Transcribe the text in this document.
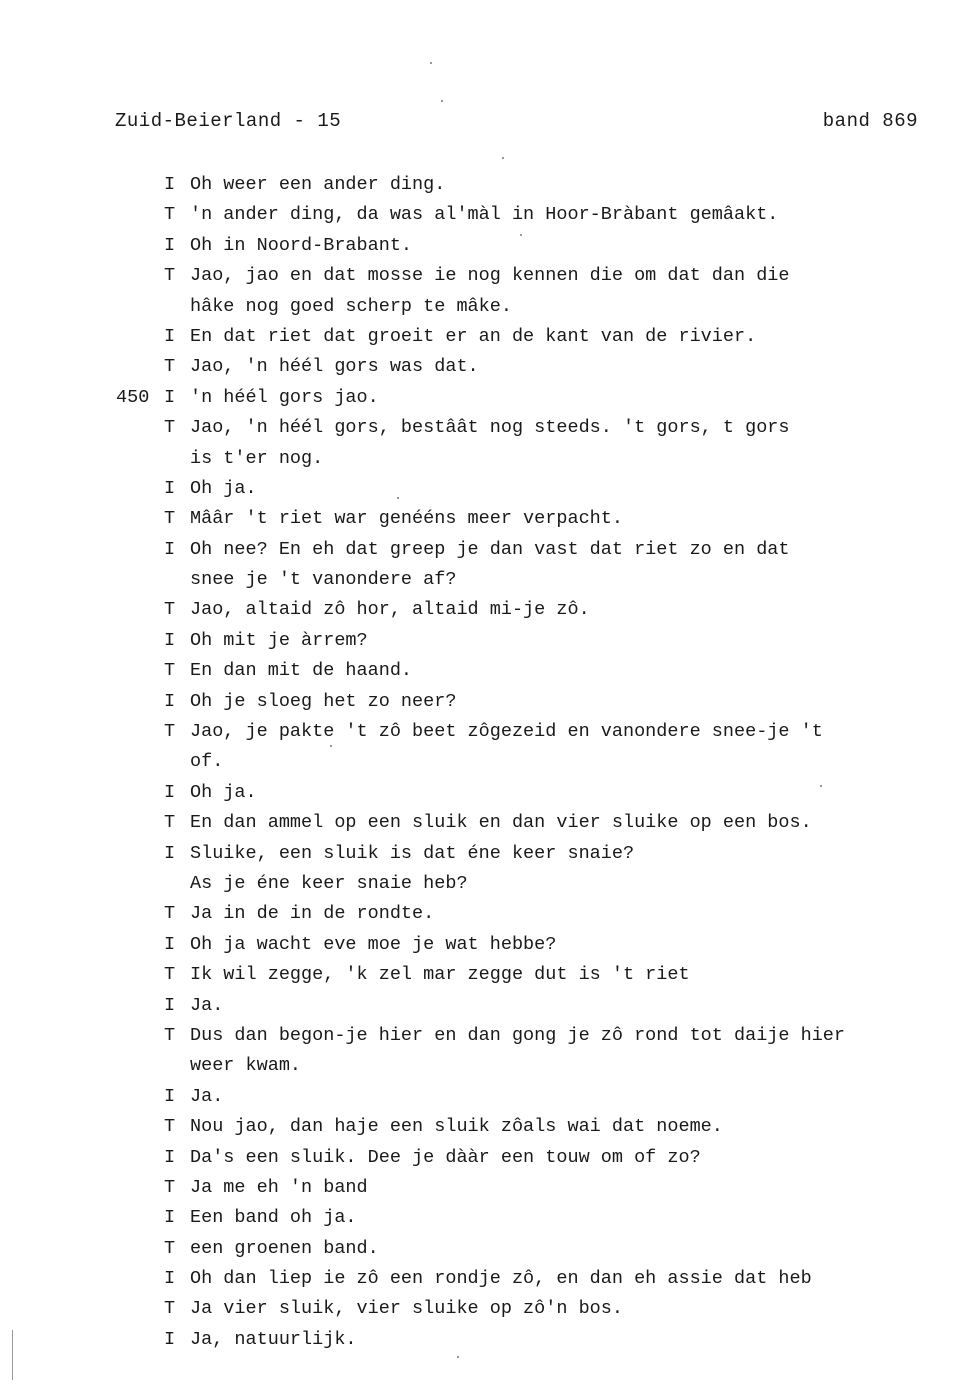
Zuid-Beierland - 15	band 869
I Oh weer een ander ding.
T 'n ander ding, da was al'màl in Hoor-Bràbant gemâakt.
I Oh in Noord-Brabant.
T Jao, jao en dat mosse ie nog kennen die om dat dan die
hâke nog goed scherp te mâke.
I En dat riet dat groeit er an de kant van de rivier.
T Jao, 'n héél gors was dat.
450 I 'n héél gors jao.
T Jao, 'n héél gors, bestâât nog steeds. 't gors, t gors
is t'er nog.
I Oh ja.
T Mââr 't riet war genééns meer verpacht.
I Oh nee? En eh dat greep je dan vast dat riet zo en dat
snee je 't vanondere af?
T Jao, altaid zô hor, altaid mi-je zô.
I Oh mit je àrrem?
T En dan mit de haand.
I Oh je sloeg het zo neer?
T Jao, je pakte 't zô beet zôgezeid en vanondere snee-je 't
of.
I Oh ja.
T En dan ammel op een sluik en dan vier sluike op een bos.
I Sluike, een sluik is dat éne keer snaie?
As je éne keer snaie heb?
T Ja in de in de rondte.
I Oh ja wacht eve moe je wat hebbe?
T Ik wil zegge, 'k zel mar zegge dut is 't riet
I Ja.
T Dus dan begon-je hier en dan gong je zô rond tot daije hier
weer kwam.
I Ja.
T Nou jao, dan haje een sluik zôals wai dat noeme.
I Da's een sluik. Dee je dààr een touw om of zo?
T Ja me eh 'n band
I Een band oh ja.
T een groenen band.
I Oh dan liep ie zô een rondje zô, en dan eh assie dat heb
T Ja vier sluik, vier sluike op zô'n bos.
I Ja, natuurlijk.
